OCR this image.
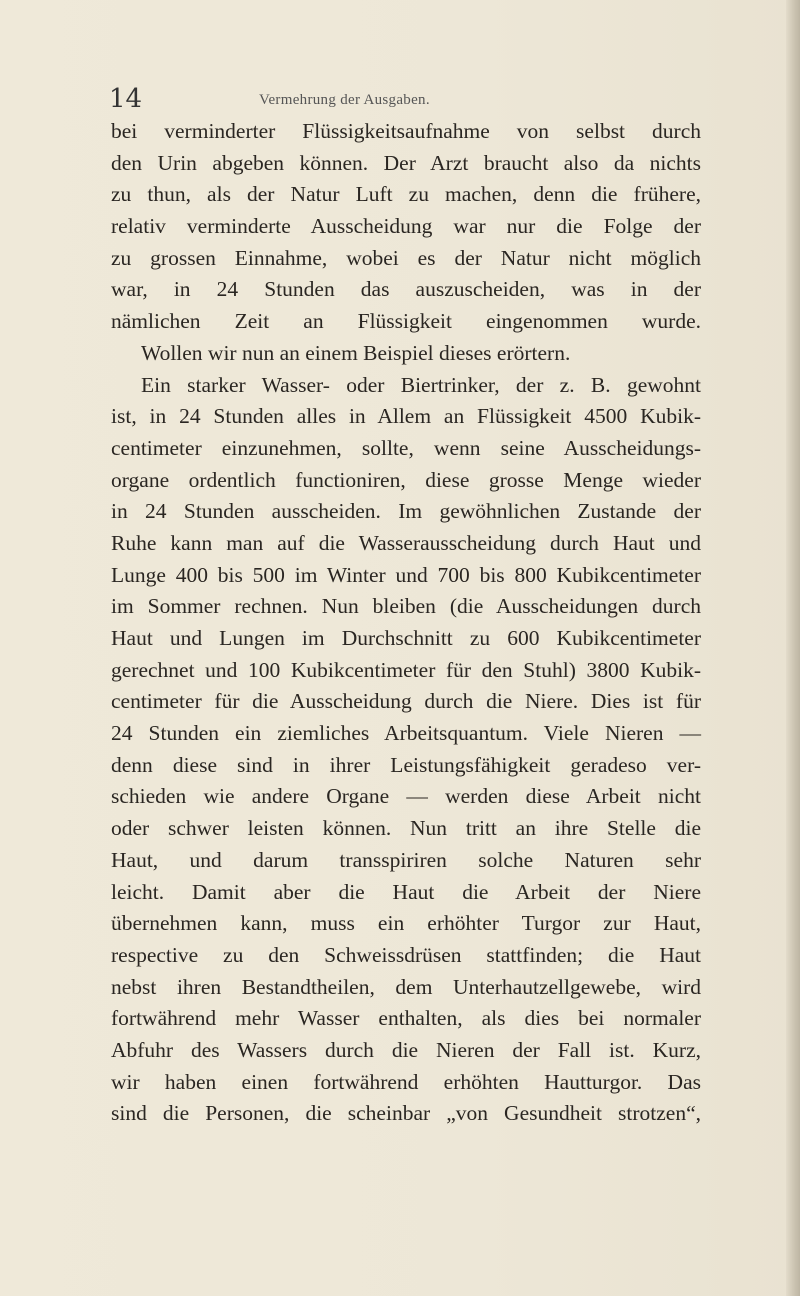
14	Vermehrung der Ausgaben.
bei verminderter Flüssigkeitsaufnahme von selbst durch
den Urin abgeben können. Der Arzt braucht also da nichts
zu thun, als der Natur Luft zu machen, denn die frühere,
relativ verminderte Ausscheidung war nur die Folge der
zu grossen Einnahme, wobei es der Natur nicht möglich
war, in 24 Stunden das auszuscheiden, was in der
nämlichen Zeit an Flüssigkeit eingenommen wurde.
Wollen wir nun an einem Beispiel dieses erörtern.
Ein starker Wasser- oder Biertrinker, der z. B. gewohnt
ist, in 24 Stunden alles in Allem an Flüssigkeit 4500 Kubik-
centimeter einzunehmen, sollte, wenn seine Ausscheidungs-
organe ordentlich functioniren, diese grosse Menge wieder
in 24 Stunden ausscheiden. Im gewöhnlichen Zustande der
Ruhe kann man auf die Wasserausscheidung durch Haut und
Lunge 400 bis 500 im Winter und 700 bis 800 Kubikcentimeter
im Sommer rechnen. Nun bleiben (die Ausscheidungen durch
Haut und Lungen im Durchschnitt zu 600 Kubikcentimeter
gerechnet und 100 Kubikcentimeter für den Stuhl) 3800 Kubik-
centimeter für die Ausscheidung durch die Niere. Dies ist für
24 Stunden ein ziemliches Arbeitsquantum. Viele Nieren —
denn diese sind in ihrer Leistungsfähigkeit geradeso ver-
schieden wie andere Organe — werden diese Arbeit nicht
oder schwer leisten können. Nun tritt an ihre Stelle die
Haut, und darum transspiriren solche Naturen sehr
leicht. Damit aber die Haut die Arbeit der Niere
übernehmen kann, muss ein erhöhter Turgor zur Haut,
respective zu den Schweissdrüsen stattfinden; die Haut
nebst ihren Bestandtheilen, dem Unterhautzellgewebe, wird
fortwährend mehr Wasser enthalten, als dies bei normaler
Abfuhr des Wassers durch die Nieren der Fall ist. Kurz,
wir haben einen fortwährend erhöhten Hautturgor. Das
sind die Personen, die scheinbar „von Gesundheit strotzen“,
